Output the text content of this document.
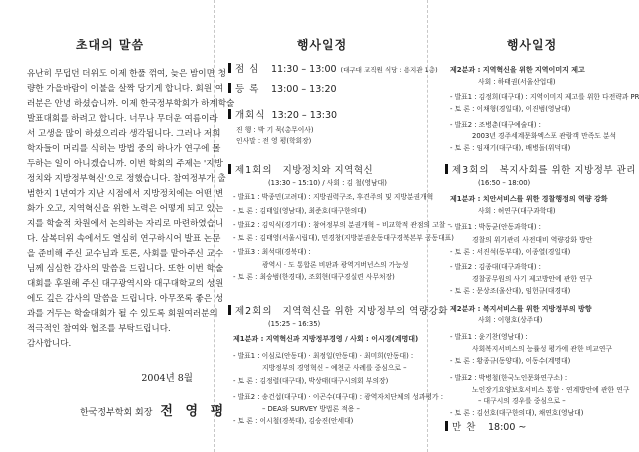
초대의 말씀
유난히 무덥던 더위도 이제 한풀 꺾여, 늦은 밤이면 청
량한 가을바람이 이불을 살짝 당기게 합니다. 회원 여
러분은 안녕 하셨습니까. 이제 한국정부학회가 하계학술
발표대회를 하려고 합니다. 너무나 무더운 여름이라
서 고생을 많이 하셨으리라 생각됩니다. 그러나 저희
학자들이 머리를 식히는 방법 중의 하나가 연구에 몰
두하는 일이 아니겠습니까. 이번 학회의 주제는 '지방
정치와 지방정부혁신'으로 정했습니다. 참여정부가 출
범한지 1년여가 지난 시점에서 지방정치에는 어떤 변
화가 오고, 지역혁신을 위한 노력은 어떻게 되고 있는
지를 학술적 차원에서 논의하는 자리로 마련하였습니
다. 삼복더위 속에서도 열심히 연구하시어 발표 논문
을 준비해 주신 교수님과 토론, 사회를 맡아주신 교수
님께 심심한 감사의 말씀을 드립니다. 또한 이번 학술
대회를 후원해 주신 대구광역시와 대구대학교의 성원
에도 깊은 감사의 말씀을 드립니다. 아무쪼록 좋은 성
과를 거두는 학술대회가 될 수 있도록 회원여러분의
적극적인 참여와 협조를 부탁드립니다.
감사합니다.
2004년 8월
한국정부학회 회장 전 영 평
행사일정	행사일정
점 심 11:30 – 13:00 (대구대 교직원 식당 : 용지관 1층)
등 록 13:00 – 13:20
개회식 13:20 – 13:30
진 행 : 박 기 묵(총무이사)
인사말 : 전 영 평(학회장)
제1회의 지방정치와 지역혁신
(13:30 – 15:10) / 사회 : 김 철(영남대)
- 발표1 : 박종민(고려대) : 지방권력구조, 후견주의 및 지방분권개혁
- 토 론 : 김태일(영남대), 최준호(대구한의대)
- 발표2 : 김익식(경기대) : 참여정부의 분권개혁 – 비교학적 관점의 고찰 –
- 토 론 : 김태영(서울시립대), 민경창(지방분권운동대구경북본부 공동대표)
- 발표3 : 최석대(경북대) :
광역시 · 도 통합론 비판과 광역거버넌스의 가능성
- 토 론 : 최승범(한경대), 조회현(대구경실련 사무처장)
제2회의 지역혁신을 위한 지방정부의 역량강화
(15:25 – 16:35)
제1분과 : 지역혁신과 지방정부경영 / 사회 : 이시경(계명대)
- 발표1 : 이심로(안동대) · 최정일(안동대) · 최미희(안동대) :
지방정부의 경영혁신 – 예천군 사례를 중심으로 –
- 토 론 : 김정렬(대구대), 박상태(대구시의회 부의장)
- 발표2 : 송건섭(대구대) · 이곤수(대구대) : 광역자치단체의 성과평가 :
– DEA와 SURVEY 방법론 적용 –
- 토 론 : 이시철(경북대), 김승진(안세대)
제2분과 : 지역혁신을 위한 지역이미지 제고
사회 : 하태권(서울산업대)
- 발표1 : 김정희(대구대) : 지역이미지 제고를 위한 다전략과 PR
- 토 론 : 이채형(경일대), 이진범(영남대)
- 발표2 : 조병춘(대구예술대) :
2003년 경주세계문화엑스포 관람객 만족도 분석
- 토 론 : 임재기(대구대), 배병돌(위덕대)
제3회의 복지사회를 위한 지방정부 관리
(16:50 – 18:00)
제1분과 : 치안서비스를 위한 경찰행정의 역량 강화
사회 : 허연구(대구과학대)
- 발표1 : 박동균(안동과학대) :
경찰의 위기관리 사전대비 역량강화 방안
- 토 론 : 서진석(동부대), 이종열(경일대)
- 발표2 : 김종대(대구과학대) :
경찰공무원의 사기 제고방안에 관한 연구
- 토 론 : 문상조(울산대), 임헌규(대경대)
제2분과 : 복지서비스를 위한 지방정부의 방향
사회 : 이형호(상주대)
- 발표1 : 윤기찬(영남대) :
사회복지서비스의 능률성 평가에 관한 비교연구
- 토 론 : 황종규(동양대), 이동수(계명대)
- 발표2 : 박병철(한국노인문화연구소) :
노인장기요양보호서비스 통합 · 연계방안에 관한 연구
– 대구시의 경우를 중심으로 –
- 토 론 : 김선호(대구한의대), 채연호(영남대)
만 찬 18:00 ~
